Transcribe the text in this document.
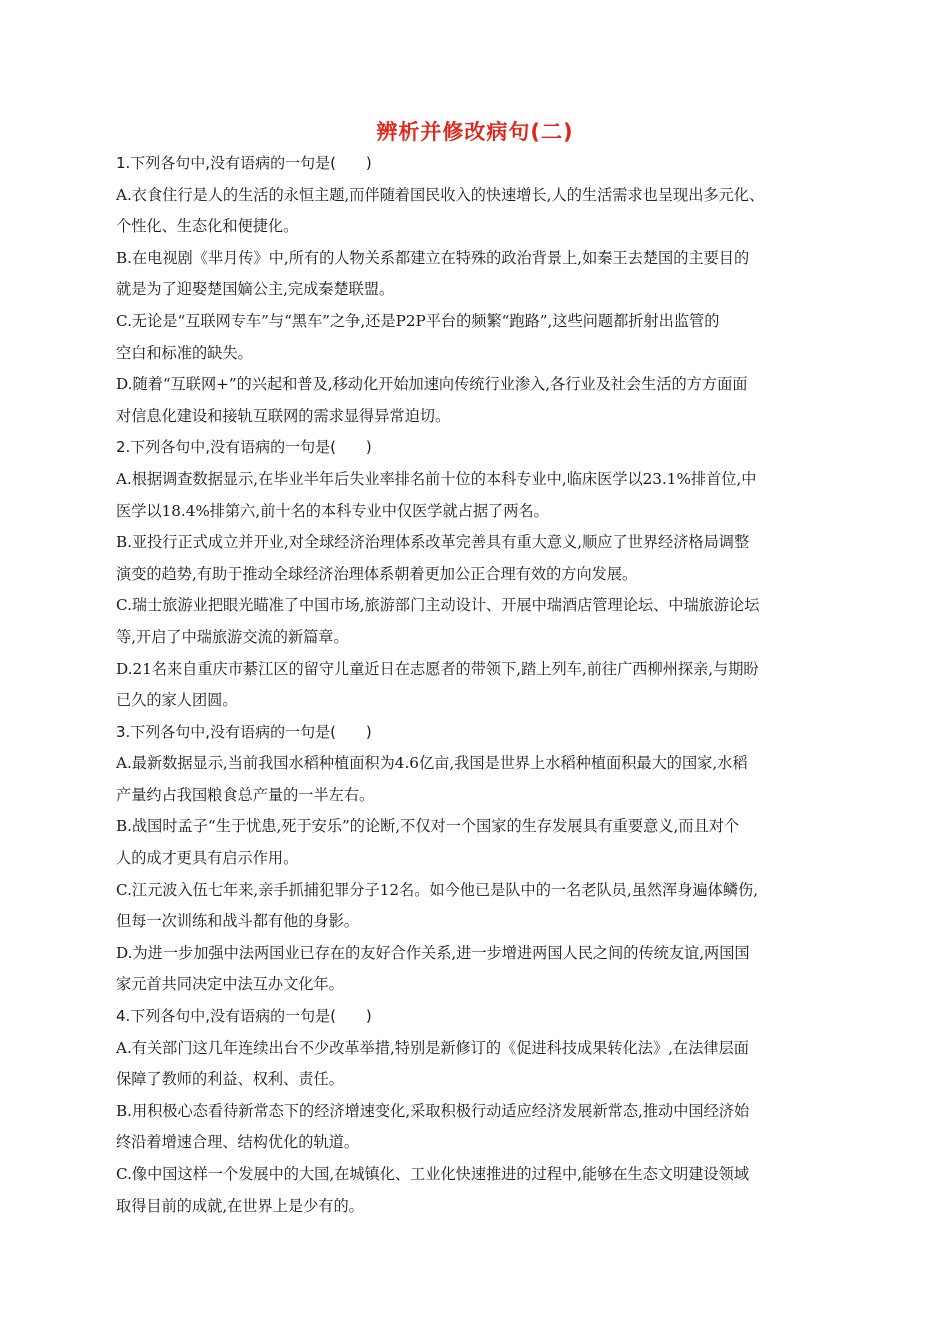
辨析并修改病句(二)
1.下列各句中,没有语病的一句是(　　)
A.衣食住行是人的生活的永恒主题,而伴随着国民收入的快速增长,人的生活需求也呈现出多元化、
个性化、生态化和便捷化。
B.在电视剧《芈月传》中,所有的人物关系都建立在特殊的政治背景上,如秦王去楚国的主要目的
就是为了迎娶楚国嫡公主,完成秦楚联盟。
C.无论是“互联网专车”与“黑车”之争,还是P2P平台的频繁“跑路”,这些问题都折射出监管的
空白和标准的缺失。
D.随着“互联网+”的兴起和普及,移动化开始加速向传统行业渗入,各行业及社会生活的方方面面
对信息化建设和接轨互联网的需求显得异常迫切。
2.下列各句中,没有语病的一句是(　　)
A.根据调查数据显示,在毕业半年后失业率排名前十位的本科专业中,临床医学以23.1%排首位,中
医学以18.4%排第六,前十名的本科专业中仅医学就占据了两名。
B.亚投行正式成立并开业,对全球经济治理体系改革完善具有重大意义,顺应了世界经济格局调整
演变的趋势,有助于推动全球经济治理体系朝着更加公正合理有效的方向发展。
C.瑞士旅游业把眼光瞄准了中国市场,旅游部门主动设计、开展中瑞酒店管理论坛、中瑞旅游论坛
等,开启了中瑞旅游交流的新篇章。
D.21名来自重庆市綦江区的留守儿童近日在志愿者的带领下,踏上列车,前往广西柳州探亲,与期盼
已久的家人团圆。
3.下列各句中,没有语病的一句是(　　)
A.最新数据显示,当前我国水稻种植面积为4.6亿亩,我国是世界上水稻种植面积最大的国家,水稻
产量约占我国粮食总产量的一半左右。
B.战国时孟子“生于忧患,死于安乐”的论断,不仅对一个国家的生存发展具有重要意义,而且对个
人的成才更具有启示作用。
C.江元波入伍七年来,亲手抓捕犯罪分子12名。如今他已是队中的一名老队员,虽然浑身遍体鳞伤,
但每一次训练和战斗都有他的身影。
D.为进一步加强中法两国业已存在的友好合作关系,进一步增进两国人民之间的传统友谊,两国国
家元首共同决定中法互办文化年。
4.下列各句中,没有语病的一句是(　　)
A.有关部门这几年连续出台不少改革举措,特别是新修订的《促进科技成果转化法》,在法律层面
保障了教师的利益、权利、责任。
B.用积极心态看待新常态下的经济增速变化,采取积极行动适应经济发展新常态,推动中国经济始
终沿着增速合理、结构优化的轨道。
C.像中国这样一个发展中的大国,在城镇化、工业化快速推进的过程中,能够在生态文明建设领域
取得目前的成就,在世界上是少有的。
